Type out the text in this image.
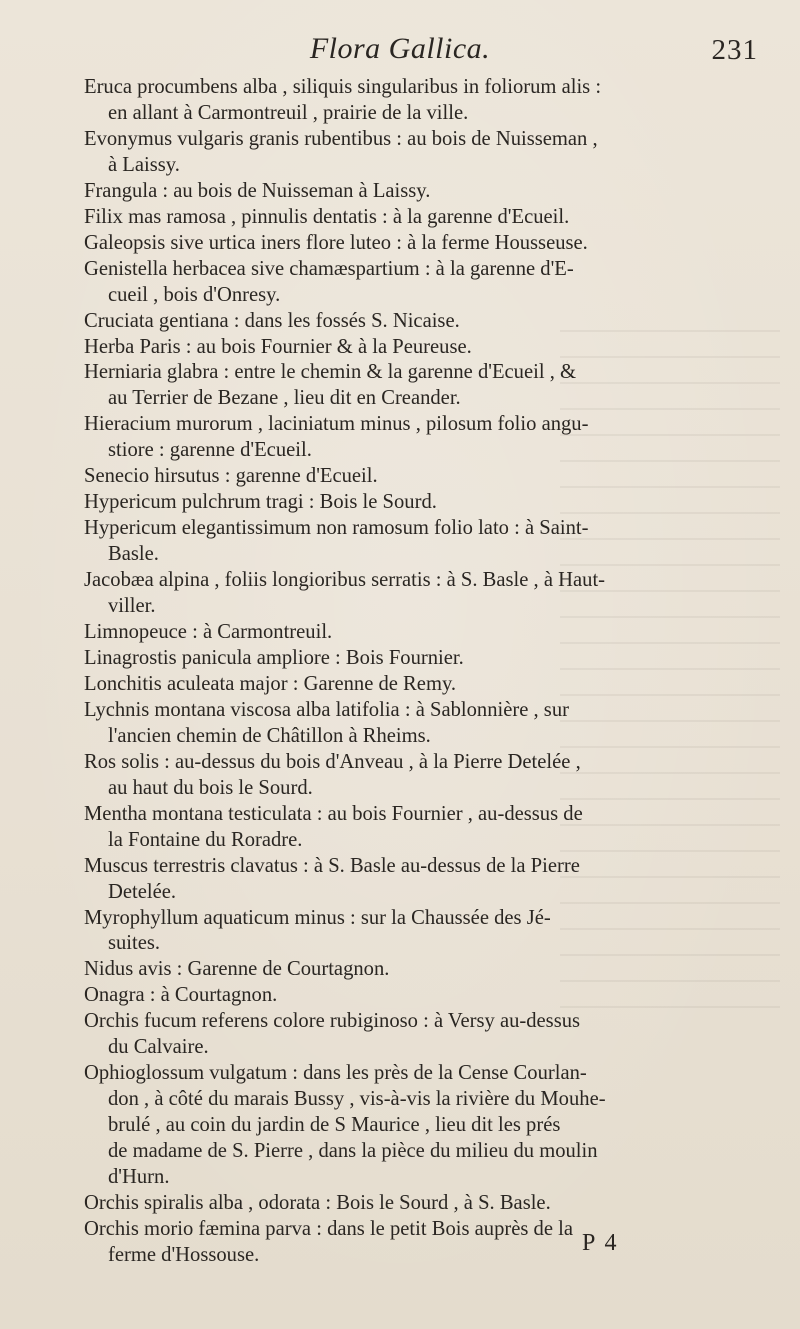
Flora Gallica.	231
Eruca procumbens alba , siliquis singularibus in foliorum alis :
en allant à Carmontreuil , prairie de la ville.
Evonymus vulgaris granis rubentibus : au bois de Nuisseman ,
à Laissy.
Frangula : au bois de Nuisseman à Laissy.
Filix mas ramosa , pinnulis dentatis : à la garenne d'Ecueil.
Galeopsis sive urtica iners flore luteo : à la ferme Housseuse.
Genistella herbacea sive chamæspartium : à la garenne d'E-
cueil , bois d'Onresy.
Cruciata gentiana : dans les fossés S. Nicaise.
Herba Paris : au bois Fournier & à la Peureuse.
Herniaria glabra : entre le chemin & la garenne d'Ecueil , &
au Terrier de Bezane , lieu dit en Creander.
Hieracium murorum , laciniatum minus , pilosum folio angu-
stiore : garenne d'Ecueil.
Senecio hirsutus : garenne d'Ecueil.
Hypericum pulchrum tragi : Bois le Sourd.
Hypericum elegantissimum non ramosum folio lato : à Saint-
Basle.
Jacobæa alpina , foliis longioribus serratis : à S. Basle , à Haut-
viller.
Limnopeuce : à Carmontreuil.
Linagrostis panicula ampliore : Bois Fournier.
Lonchitis aculeata major : Garenne de Remy.
Lychnis montana viscosa alba latifolia : à Sablonnière , sur
l'ancien chemin de Châtillon à Rheims.
Ros solis : au-dessus du bois d'Anveau , à la Pierre Detelée ,
au haut du bois le Sourd.
Mentha montana testiculata : au bois Fournier , au-dessus de
la Fontaine du Roradre.
Muscus terrestris clavatus : à S. Basle au-dessus de la Pierre
Detelée.
Myrophyllum aquaticum minus : sur la Chaussée des Jé-
suites.
Nidus avis : Garenne de Courtagnon.
Onagra : à Courtagnon.
Orchis fucum referens colore rubiginoso : à Versy au-dessus
du Calvaire.
Ophioglossum vulgatum : dans les près de la Cense Courlan-
don , à côté du marais Bussy , vis-à-vis la rivière du Mouhe-
brulé , au coin du jardin de S Maurice , lieu dit les prés
de madame de S. Pierre , dans la pièce du milieu du moulin
d'Hurn.
Orchis spiralis alba , odorata : Bois le Sourd , à S. Basle.
Orchis morio fæmina parva : dans le petit Bois auprès de la
ferme d'Hossouse.	P 4
